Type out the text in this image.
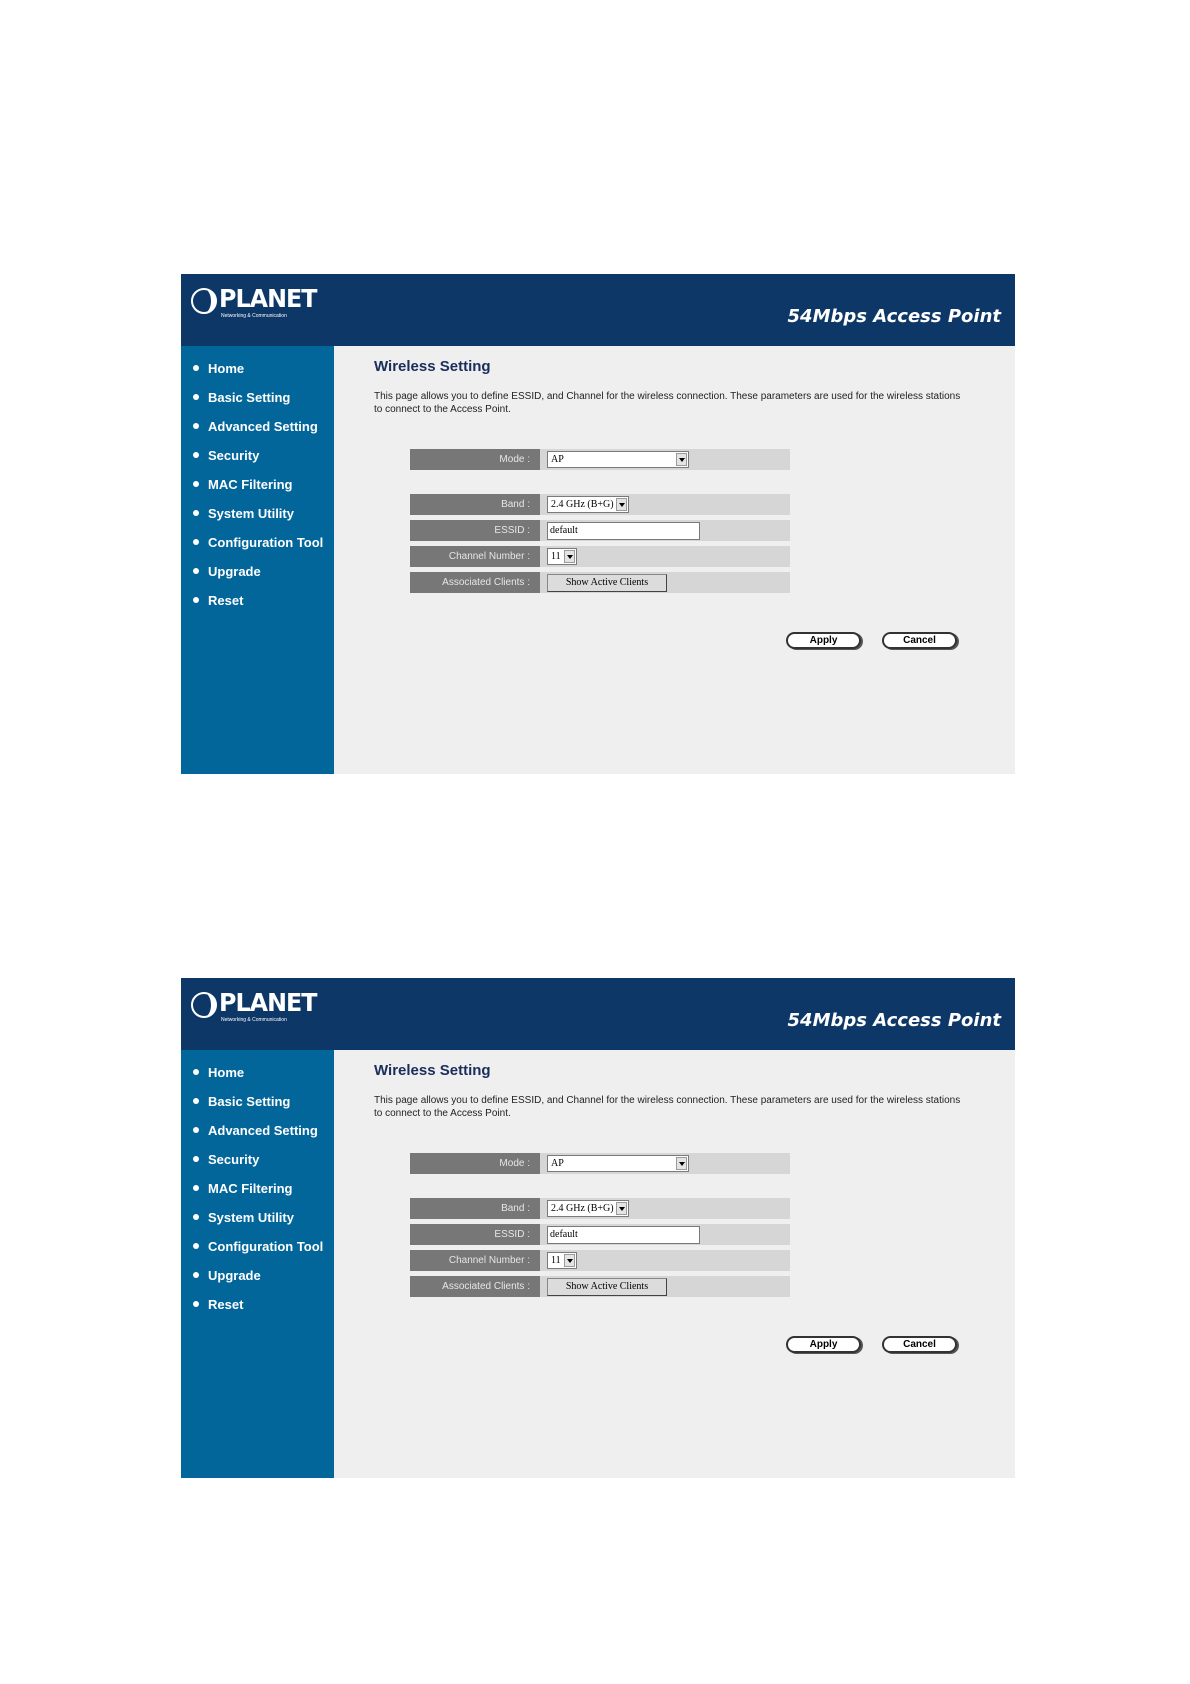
PLANET
Networking & Communication	54Mbps Access Point
Home
Basic Setting
Advanced Setting
Security
MAC Filtering
System Utility
Configuration Tool
Upgrade
Reset
Wireless Setting
This page allows you to define ESSID, and Channel for the wireless connection. These parameters are used for the wireless stations to connect to the Access Point.
Mode :	AP
Band :	2.4 GHz (B+G)
ESSID :	default
Channel Number :	11
Associated Clients :	Show Active Clients
Apply	Cancel
PLANET
Networking & Communication	54Mbps Access Point
Home
Basic Setting
Advanced Setting
Security
MAC Filtering
System Utility
Configuration Tool
Upgrade
Reset
Wireless Setting
This page allows you to define ESSID, and Channel for the wireless connection. These parameters are used for the wireless stations to connect to the Access Point.
Mode :	AP
Band :	2.4 GHz (B+G)
ESSID :	default
Channel Number :	11
Associated Clients :	Show Active Clients
Apply	Cancel
